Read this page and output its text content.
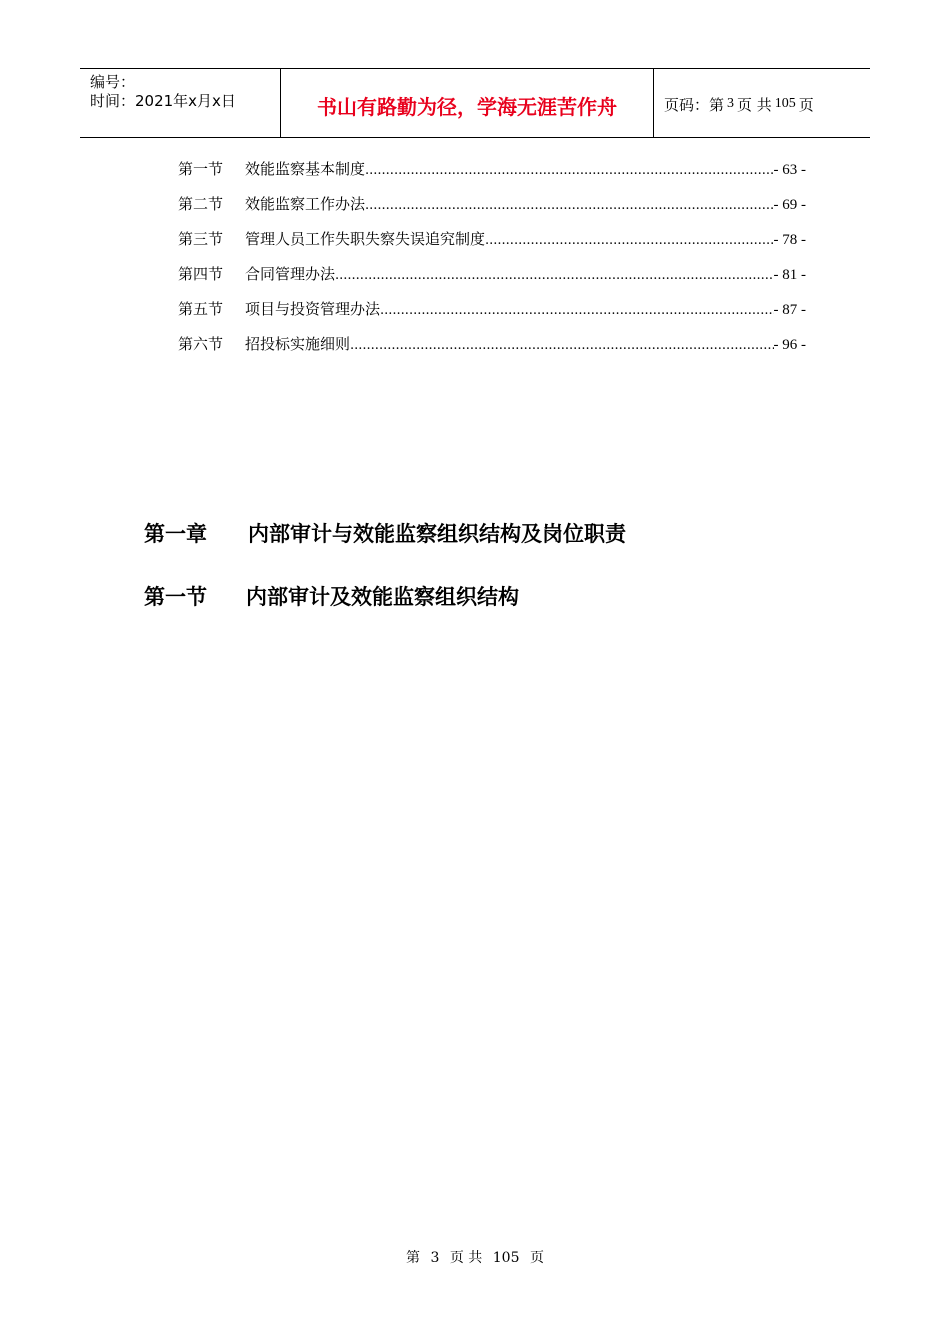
编号：
时间：2021年x月x日	书山有路勤为径，学海无涯苦作舟	页码：第 3 页 共 105 页
第一节	效能监察基本制度 .....	- 63 -
第二节	效能监察工作办法 .....	- 69 -
第三节	管理人员工作失职失察失误追究制度 .....	- 78 -
第四节	合同管理办法 .....	- 81 -
第五节	项目与投资管理办法 .....	- 87 -
第六节	招投标实施细则 .....	- 96 -
第一章 内部审计与效能监察组织结构及岗位职责
第一节 内部审计及效能监察组织结构
第 3 页 共 105 页
